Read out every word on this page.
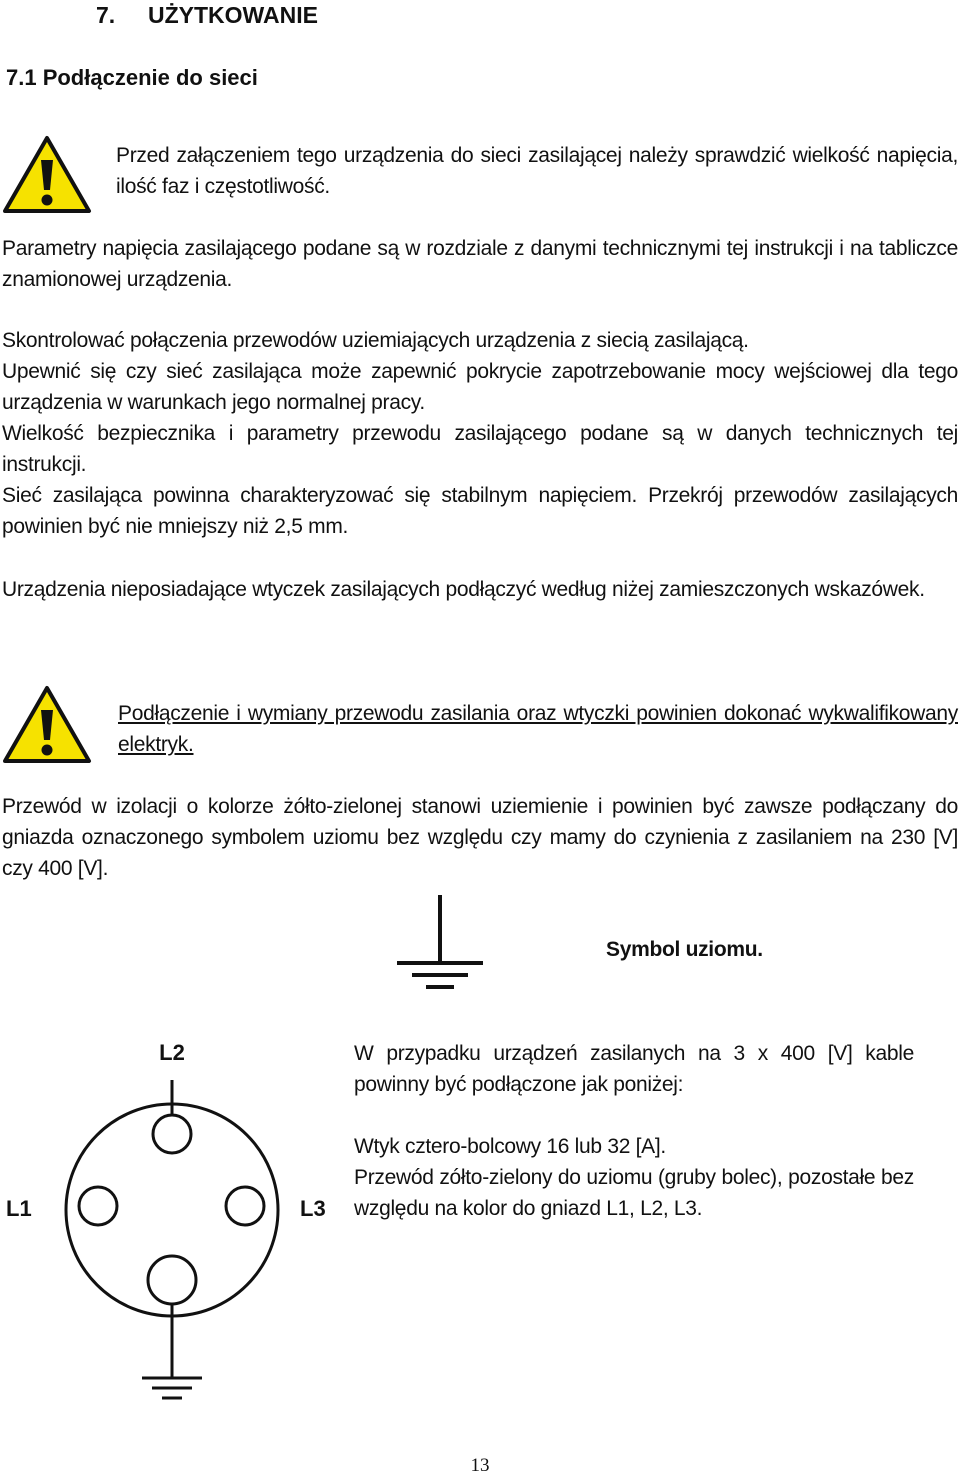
7. UŻYTKOWANIE
7.1 Podłączenie do sieci
Przed załączeniem tego urządzenia do sieci zasilającej należy sprawdzić wielkość napięcia, ilość faz i częstotliwość.
Parametry napięcia zasilającego podane są w rozdziale z danymi technicznymi tej instrukcji i na tabliczce znamionowej urządzenia.

Skontrolować połączenia przewodów uziemiających urządzenia z siecią zasilającą.

Upewnić się czy sieć zasilająca może zapewnić pokrycie zapotrzebowanie mocy wejściowej dla tego urządzenia w warunkach jego normalnej pracy.

Wielkość bezpiecznika i parametry przewodu zasilającego podane są w danych technicznych tej instrukcji.

Sieć zasilająca powinna charakteryzować się stabilnym napięciem. Przekrój przewodów zasilających powinien być nie mniejszy niż 2,5 mm.

Urządzenia nieposiadające wtyczek zasilających podłączyć według niżej zamieszczonych wskazówek.
Podłączenie i wymiany przewodu zasilania oraz wtyczki powinien dokonać wykwalifikowany elektryk.
Przewód w izolacji o kolorze żółto-zielonej stanowi uziemienie i powinien być zawsze podłączany do gniazda oznaczonego symbolem uziomu bez względu czy mamy do czynienia z zasilaniem na 230 [V] czy 400 [V].
Symbol uziomu.
L2
L1	L3

W przypadku urządzeń zasilanych na 3 x 400 [V] kable powinny być podłączone jak poniżej:

Wtyk cztero-bolcowy 16 lub 32 [A].

Przewód zółto-zielony do uziomu (gruby bolec), pozostałe bez względu na kolor do gniazd L1, L2, L3.

13
